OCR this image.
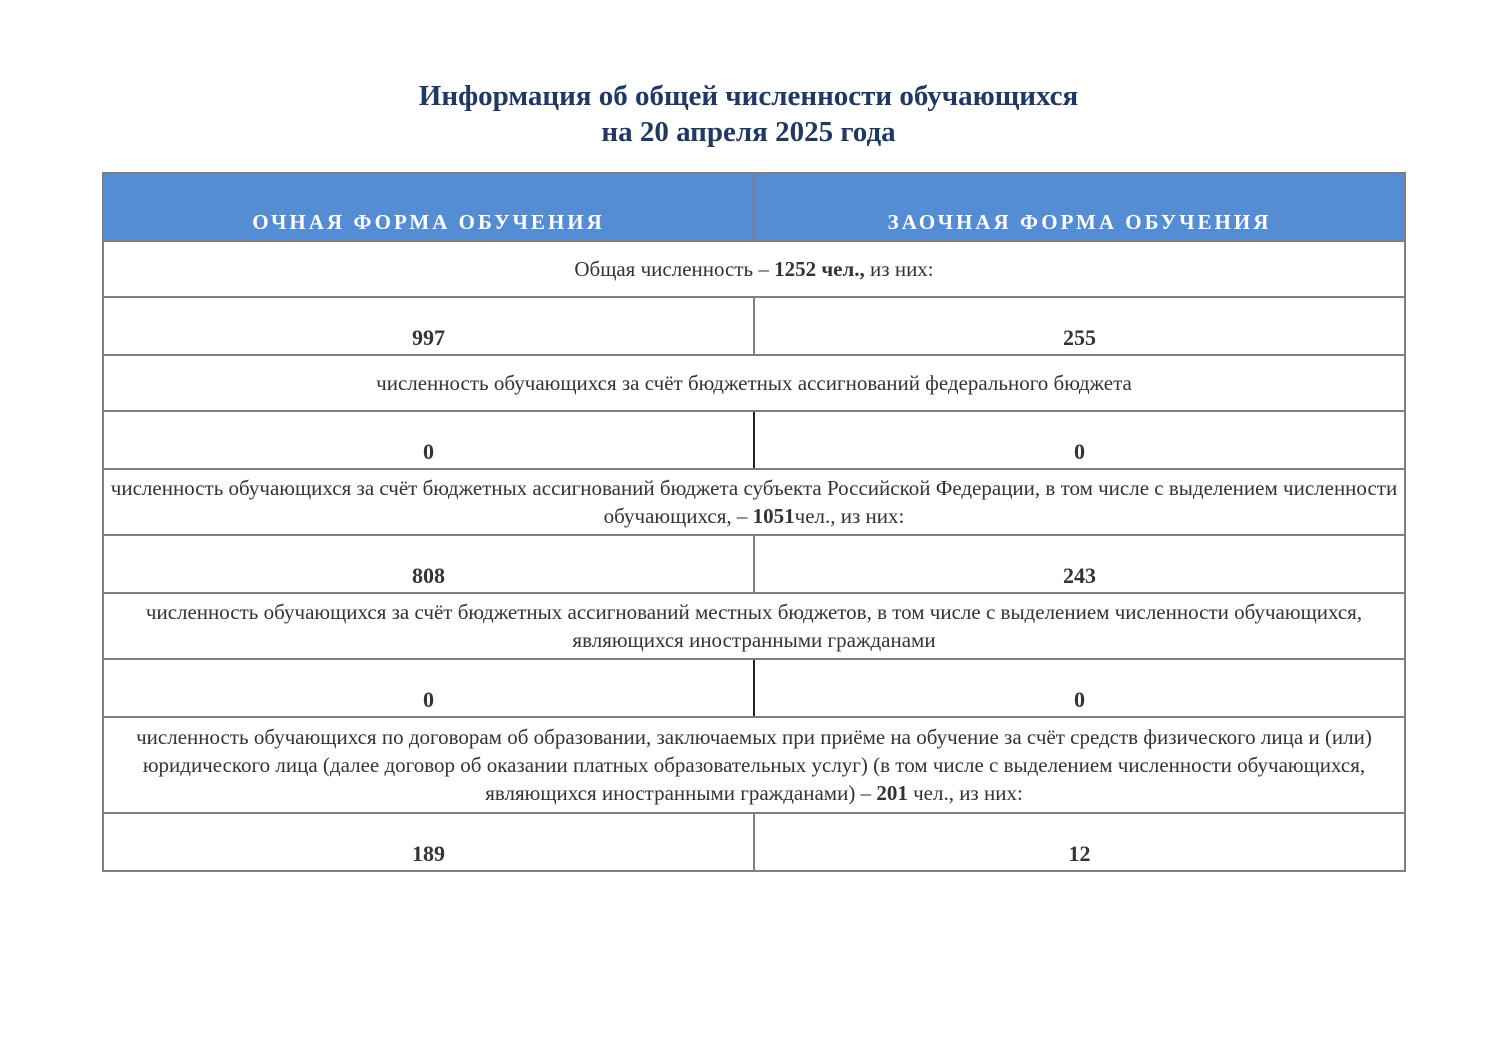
Информация об общей численности обучающихся
на 20 апреля 2025 года
ОЧНАЯ ФОРМА ОБУЧЕНИЯ	ЗАОЧНАЯ ФОРМА ОБУЧЕНИЯ
Общая численность – 1252 чел., из них:	
997	255
численность обучающихся за счёт бюджетных ассигнований федерального бюджета	
0	0
численность обучающихся за счёт бюджетных ассигнований бюджета субъекта Российской Федерации, в том числе с выделением численности обучающихся, – 1051чел., из них:	
808	243
численность обучающихся за счёт бюджетных ассигнований местных бюджетов, в том числе с выделением численности обучающихся, являющихся иностранными гражданами	
0	0
численность обучающихся по договорам об образовании, заключаемых при приёме на обучение за счёт средств физического лица и (или) юридического лица (далее договор об оказании платных образовательных услуг) (в том числе с выделением численности обучающихся, являющихся иностранными гражданами) – 201 чел., из них:	
189	12
